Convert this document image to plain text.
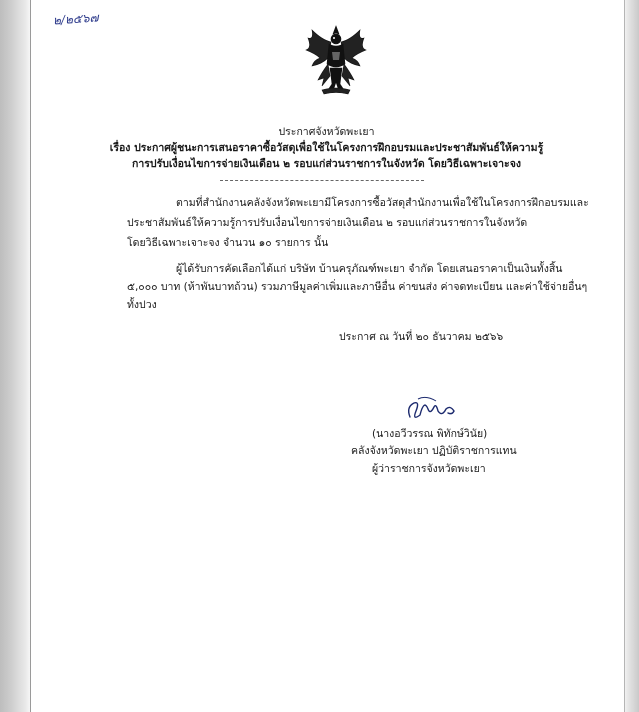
๒/๒๕๖๗
ประกาศจังหวัดพะเยา
เรื่อง ประกาศผู้ชนะการเสนอราคาซื้อวัสดุเพื่อใช้ในโครงการฝึกอบรมและประชาสัมพันธ์ให้ความรู้
การปรับเงื่อนไขการจ่ายเงินเดือน ๒ รอบแก่ส่วนราชการในจังหวัด โดยวิธีเฉพาะเจาะจง
ตามที่สำนักงานคลังจังหวัดพะเยามีโครงการซื้อวัสดุสำนักงานเพื่อใช้ในโครงการฝึกอบรมและ
ประชาสัมพันธ์ให้ความรู้การปรับเงื่อนไขการจ่ายเงินเดือน ๒ รอบแก่ส่วนราชการในจังหวัด
โดยวิธีเฉพาะเจาะจง จำนวน ๑๐ รายการ นั้น
ผู้ได้รับการคัดเลือกได้แก่ บริษัท บ้านครุภัณฑ์พะเยา จำกัด โดยเสนอราคาเป็นเงินทั้งสิ้น
๕,๐๐๐ บาท (ห้าพันบาทถ้วน) รวมภาษีมูลค่าเพิ่มและภาษีอื่น ค่าขนส่ง ค่าจดทะเบียน และค่าใช้จ่ายอื่นๆ
ทั้งปวง
ประกาศ ณ วันที่ ๒๐ ธันวาคม ๒๕๖๖
(นางอวีวรรณ พิทักษ์วินัย)
คลังจังหวัดพะเยา ปฏิบัติราชการแทน
ผู้ว่าราชการจังหวัดพะเยา
